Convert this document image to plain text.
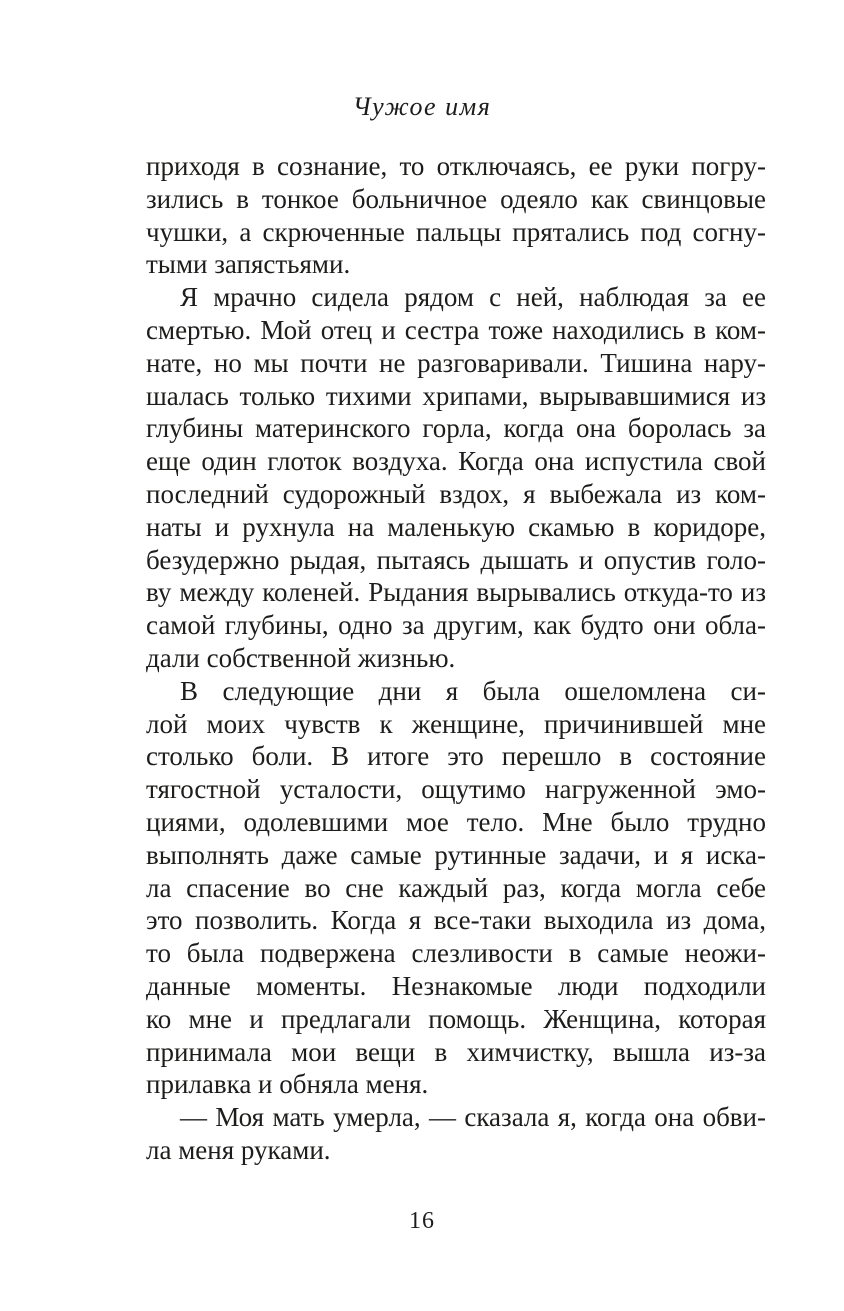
Чужое имя
приходя в сознание, то отключаясь, ее руки погру-
зились в тонкое больничное одеяло как свинцовые
чушки, а скрюченные пальцы прятались под согну-
тыми запястьями.
Я мрачно сидела рядом с ней, наблюдая за ее
смертью. Мой отец и сестра тоже находились в ком-
нате, но мы почти не разговаривали. Тишина нару-
шалась только тихими хрипами, вырывавшимися из
глубины материнского горла, когда она боролась за
еще один глоток воздуха. Когда она испустила свой
последний судорожный вздох, я выбежала из ком-
наты и рухнула на маленькую скамью в коридоре,
безудержно рыдая, пытаясь дышать и опустив голо-
ву между коленей. Рыдания вырывались откуда-то из
самой глубины, одно за другим, как будто они обла-
дали собственной жизнью.
В следующие дни я была ошеломлена си-
лой моих чувств к женщине, причинившей мне
столько боли. В итоге это перешло в состояние
тягостной усталости, ощутимо нагруженной эмо-
циями, одолевшими мое тело. Мне было трудно
выполнять даже самые рутинные задачи, и я иска-
ла спасение во сне каждый раз, когда могла себе
это позволить. Когда я все-таки выходила из дома,
то была подвержена слезливости в самые неожи-
данные моменты. Незнакомые люди подходили
ко мне и предлагали помощь. Женщина, которая
принимала мои вещи в химчистку, вышла из-за
прилавка и обняла меня.
— Моя мать умерла, — сказала я, когда она обви-
ла меня руками.
16
